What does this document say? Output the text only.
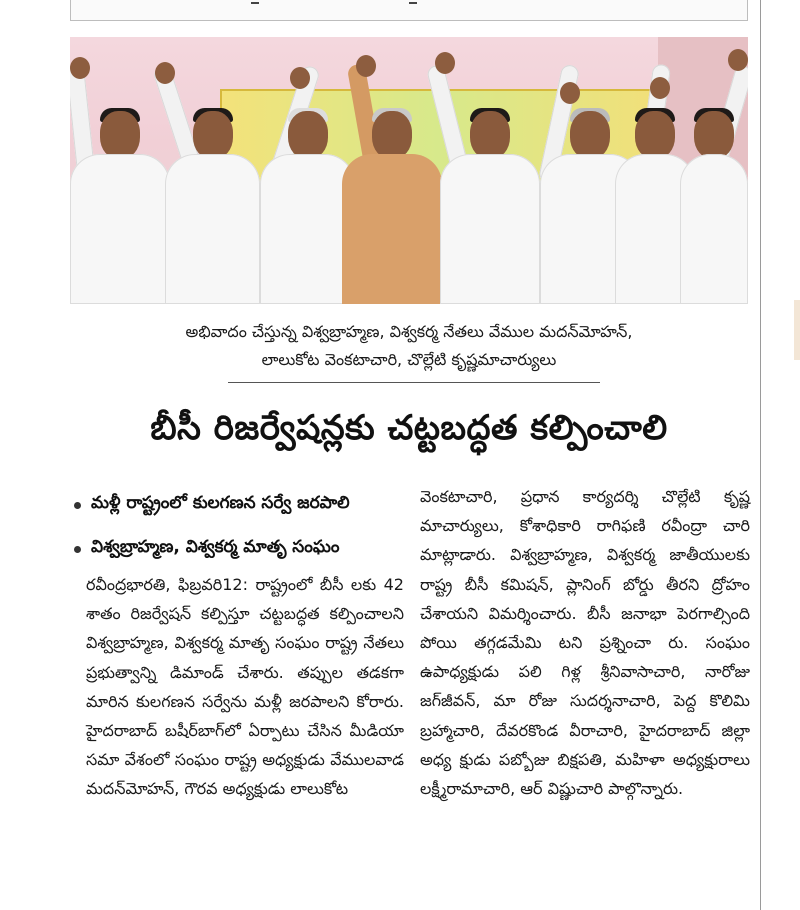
అభివాదం చేస్తున్న విశ్వబ్రాహ్మణ, విశ్వకర్మ నేతలు వేముల మదన్‌మోహన్,
లాలుకోట వెంకటాచారి, చొల్లేటి కృష్ణమాచార్యులు
బీసీ రిజర్వేషన్లకు చట్టబద్ధత కల్పించాలి
మళ్లీ రాష్ట్రంలో కులగణన సర్వే జరపాలి
విశ్వబ్రాహ్మణ, విశ్వకర్మ మాతృ సంఘం

రవీంద్రభారతి, ఫిబ్రవరి12: రాష్ట్రంలో బీసీ లకు 42 శాతం రిజర్వేషన్ కల్పిస్తూ చట్టబద్ధత కల్పించాలని విశ్వబ్రాహ్మణ, విశ్వకర్మ మాతృ సంఘం రాష్ట్ర నేతలు ప్రభుత్వాన్ని డిమాండ్ చేశారు. తప్పుల తడకగా మారిన కులగణన సర్వేను మళ్లీ జరపాలని కోరారు. హైదరాబాద్ బషీర్‌బాగ్‌లో ఏర్పాటు చేసిన మీడియా సమా వేశంలో సంఘం రాష్ట్ర అధ్యక్షుడు వేములవాడ మదన్‌మోహన్, గౌరవ అధ్యక్షుడు లాలుకోట

వెంకటాచారి, ప్రధాన కార్యదర్శి చొల్లేటి కృష్ణ మాచార్యులు, కోశాధికారి రాగిఫణి రవీంద్రా చారి మాట్లాడారు. విశ్వబ్రాహ్మణ, విశ్వకర్మ జాతీయులకు రాష్ట్ర బీసీ కమిషన్, ప్లానింగ్ బోర్డు తీరని ద్రోహం చేశాయని విమర్శించారు. బీసీ జనాభా పెరగాల్సింది పోయి తగ్గడమేమి టని ప్రశ్నించా రు. సంఘం ఉపాధ్యక్షుడు పలి గిళ్ల శ్రీనివాసాచారి, నారోజు జగ్‌జీవన్, మా రోజు సుదర్శనాచారి, పెద్ద కొలిమి బ్రహ్మాచారి, దేవరకొండ వీరాచారి, హైదరాబాద్ జిల్లా అధ్య క్షుడు పబ్బోజు బిక్షపతి, మహిళా అధ్యక్షురాలు లక్ష్మీరామాచారి, ఆర్ విష్ణుచారి పాల్గొన్నారు.
